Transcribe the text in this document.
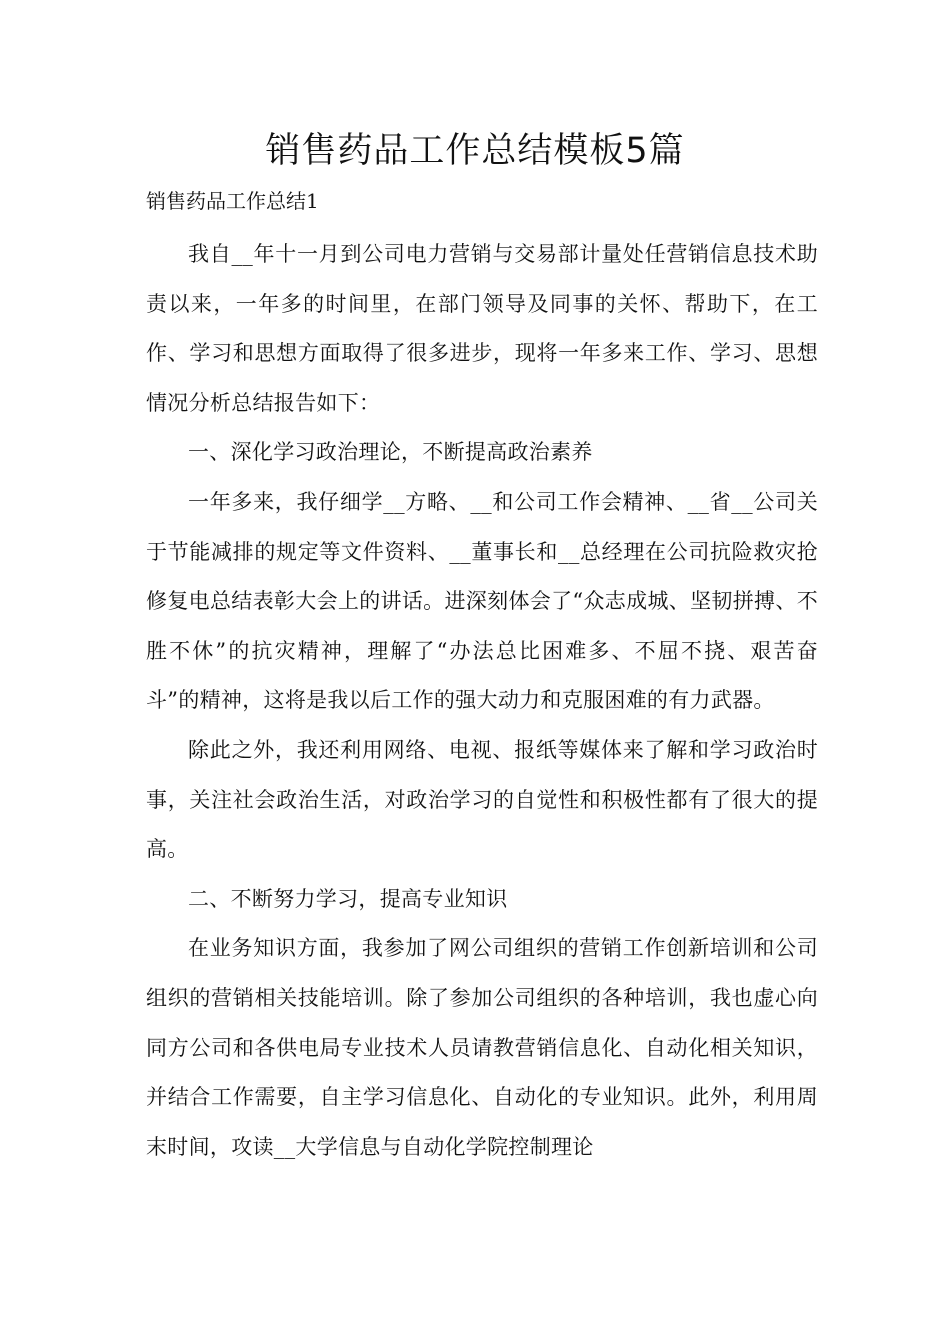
销售药品工作总结模板5篇
销售药品工作总结1

我自__年十一月到公司电力营销与交易部计量处任营销信息技术助责以来，一年多的时间里，在部门领导及同事的关怀、帮助下，在工作、学习和思想方面取得了很多进步，现将一年多来工作、学习、思想情况分析总结报告如下：

一、深化学习政治理论，不断提高政治素养

一年多来，我仔细学__方略、__和公司工作会精神、__省__公司关于节能减排的规定等文件资料、__董事长和__总经理在公司抗险救灾抢修复电总结表彰大会上的讲话。进深刻体会了“众志成城、坚韧拼搏、不胜不休”的抗灾精神，理解了“办法总比困难多、不屈不挠、艰苦奋斗”的精神，这将是我以后工作的强大动力和克服困难的有力武器。

除此之外，我还利用网络、电视、报纸等媒体来了解和学习政治时事，关注社会政治生活，对政治学习的自觉性和积极性都有了很大的提高。

二、不断努力学习，提高专业知识

在业务知识方面，我参加了网公司组织的营销工作创新培训和公司组织的营销相关技能培训。除了参加公司组织的各种培训，我也虚心向同方公司和各供电局专业技术人员请教营销信息化、自动化相关知识，并结合工作需要，自主学习信息化、自动化的专业知识。此外，利用周末时间，攻读__大学信息与自动化学院控制理论
